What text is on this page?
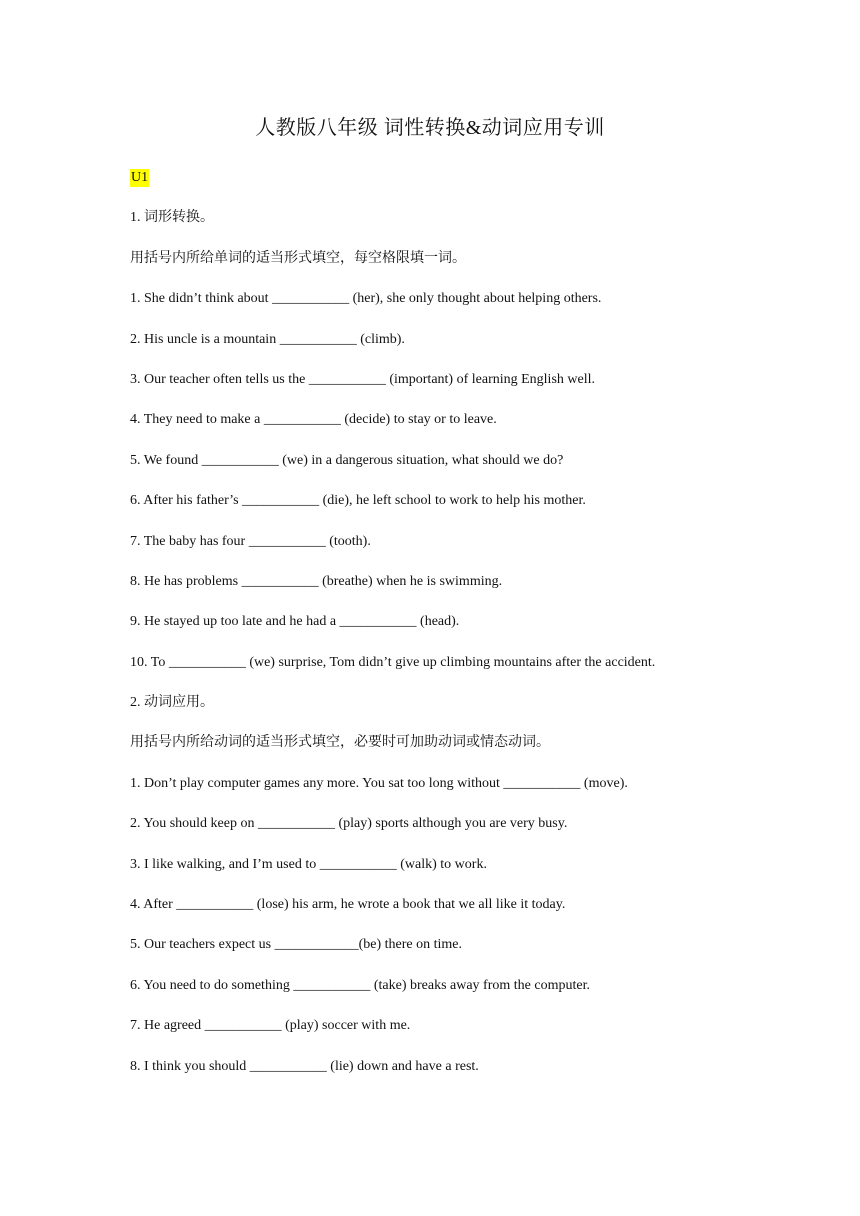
人教版八年级 词性转换&动词应用专训
U1
1. 词形转换。
用括号内所给单词的适当形式填空，每空格限填一词。
1. She didn’t think about ___________ (her), she only thought about helping others.
2. His uncle is a mountain ___________ (climb).
3. Our teacher often tells us the ___________ (important) of learning English well.
4. They need to make a ___________ (decide) to stay or to leave.
5. We found ___________ (we) in a dangerous situation, what should we do?
6. After his father’s ___________ (die), he left school to work to help his mother.
7. The baby has four ___________ (tooth).
8. He has problems ___________ (breathe) when he is swimming.
9. He stayed up too late and he had a ___________ (head).
10. To ___________ (we) surprise, Tom didn’t give up climbing mountains after the accident.
2. 动词应用。
用括号内所给动词的适当形式填空，必要时可加助动词或情态动词。
1. Don’t play computer games any more. You sat too long without ___________ (move).
2. You should keep on ___________ (play) sports although you are very busy.
3. I like walking, and I’m used to ___________ (walk) to work.
4. After ___________ (lose) his arm, he wrote a book that we all like it today.
5. Our teachers expect us ____________(be) there on time.
6. You need to do something ___________ (take) breaks away from the computer.
7. He agreed ___________ (play) soccer with me.
8. I think you should ___________ (lie) down and have a rest.
